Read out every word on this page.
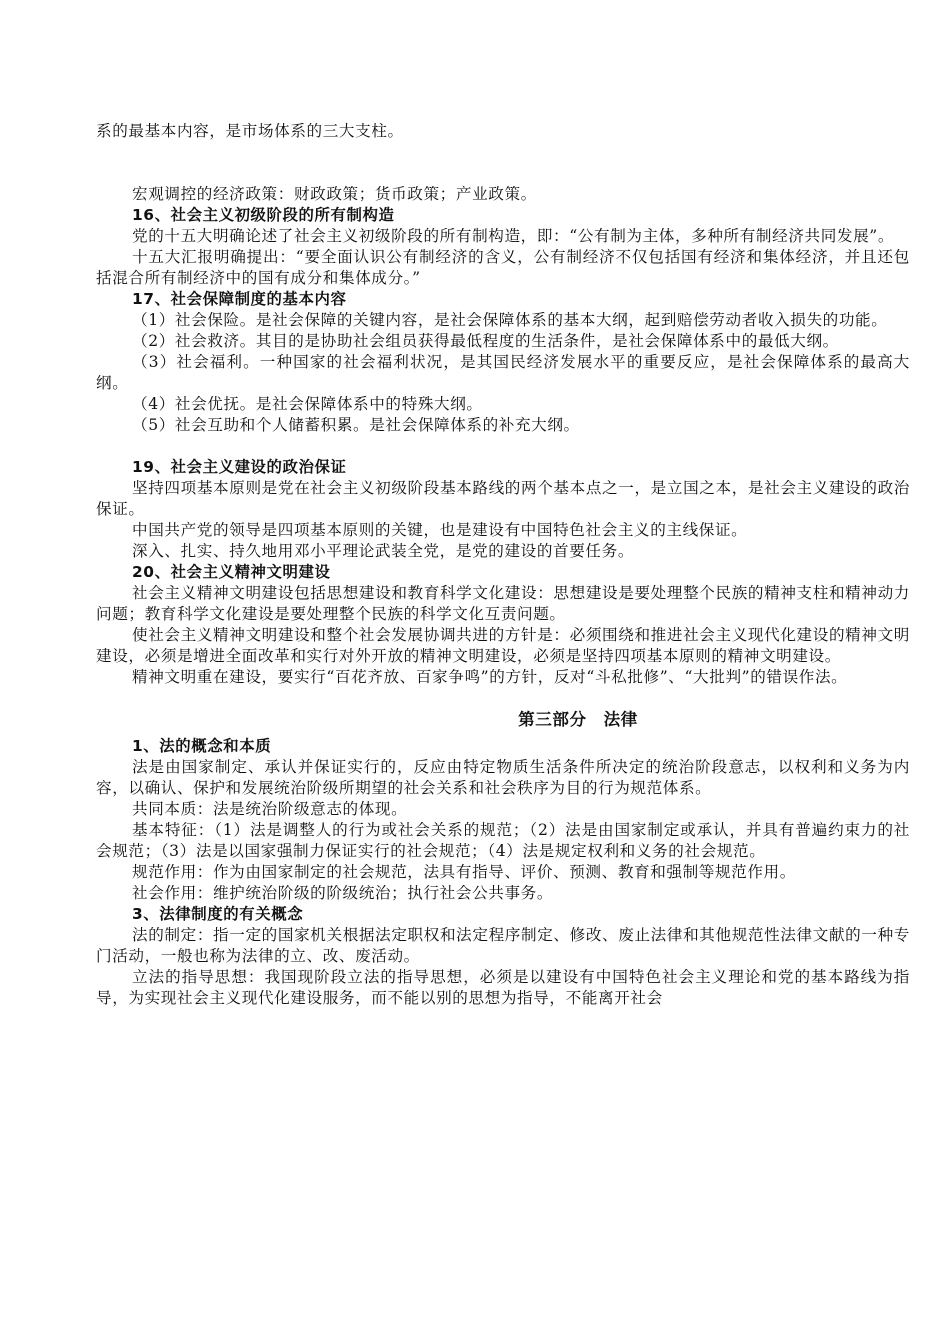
系的最基本内容，是市场体系的三大支柱。

宏观调控的经济政策：财政政策；货币政策；产业政策。

16、社会主义初级阶段的所有制构造

党的十五大明确论述了社会主义初级阶段的所有制构造，即：“公有制为主体，多种所有制经济共同发展”。

十五大汇报明确提出：“要全面认识公有制经济的含义，公有制经济不仅包括国有经济和集体经济，并且还包括混合所有制经济中的国有成分和集体成分。”

17、社会保障制度的基本内容

（1）社会保险。是社会保障的关键内容，是社会保障体系的基本大纲，起到赔偿劳动者收入损失的功能。

（2）社会救济。其目的是协助社会组员获得最低程度的生活条件，是社会保障体系中的最低大纲。

（3）社会福利。一种国家的社会福利状况，是其国民经济发展水平的重要反应，是社会保障体系的最高大纲。

（4）社会优抚。是社会保障体系中的特殊大纲。

（5）社会互助和个人储蓄积累。是社会保障体系的补充大纲。

19、社会主义建设的政治保证

坚持四项基本原则是党在社会主义初级阶段基本路线的两个基本点之一，是立国之本，是社会主义建设的政治保证。

中国共产党的领导是四项基本原则的关键，也是建设有中国特色社会主义的主线保证。

深入、扎实、持久地用邓小平理论武装全党，是党的建设的首要任务。

20、社会主义精神文明建设

社会主义精神文明建设包括思想建设和教育科学文化建设：思想建设是要处理整个民族的精神支柱和精神动力问题；教育科学文化建设是要处理整个民族的科学文化互责问题。

使社会主义精神文明建设和整个社会发展协调共进的方针是：必须围绕和推进社会主义现代化建设的精神文明建设，必须是增进全面改革和实行对外开放的精神文明建设，必须是坚持四项基本原则的精神文明建设。

精神文明重在建设，要实行“百花齐放、百家争鸣”的方针，反对“斗私批修”、“大批判”的错误作法。

第三部分　法律

1、法的概念和本质

法是由国家制定、承认并保证实行的，反应由特定物质生活条件所决定的统治阶段意志，以权利和义务为内容，以确认、保护和发展统治阶级所期望的社会关系和社会秩序为目的行为规范体系。

共同本质：法是统治阶级意志的体现。

基本特征：（1）法是调整人的行为或社会关系的规范；（2）法是由国家制定或承认，并具有普遍约束力的社会规范；（3）法是以国家强制力保证实行的社会规范；（4）法是规定权利和义务的社会规范。

规范作用：作为由国家制定的社会规范，法具有指导、评价、预测、教育和强制等规范作用。

社会作用：维护统治阶级的阶级统治；执行社会公共事务。

3、法律制度的有关概念

法的制定：指一定的国家机关根据法定职权和法定程序制定、修改、废止法律和其他规范性法律文献的一种专门活动，一般也称为法律的立、改、废活动。

立法的指导思想：我国现阶段立法的指导思想，必须是以建设有中国特色社会主义理论和党的基本路线为指导，为实现社会主义现代化建设服务，而不能以别的思想为指导，不能离开社会
